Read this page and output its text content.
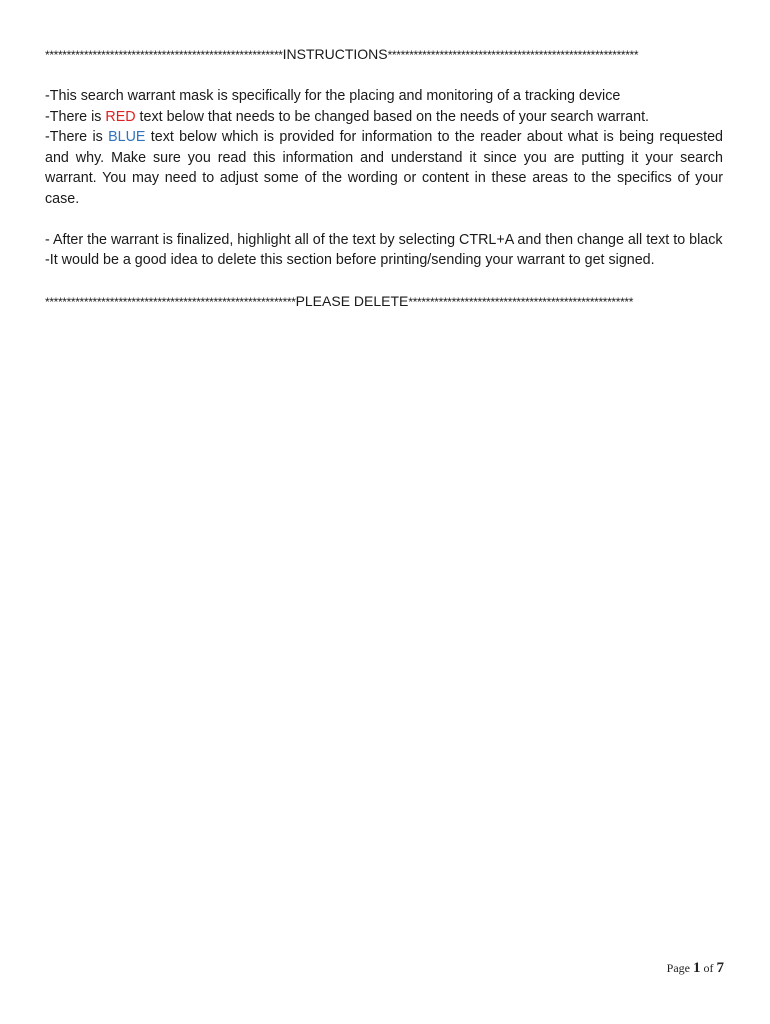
*******************************************************INSTRUCTIONS**********************************************************

-This search warrant mask is specifically for the placing and monitoring of a tracking device

-There is RED text below that needs to be changed based on the needs of your search warrant.

-There is BLUE text below which is provided for information to the reader about what is being requested and why. Make sure you read this information and understand it since you are putting it your search warrant. You may need to adjust some of the wording or content in these areas to the specifics of your case.

- After the warrant is finalized, highlight all of the text by selecting CTRL+A and then change all text to black

-It would be a good idea to delete this section before printing/sending your warrant to get signed.

**********************************************************PLEASE DELETE****************************************************

Page 1 of 7
